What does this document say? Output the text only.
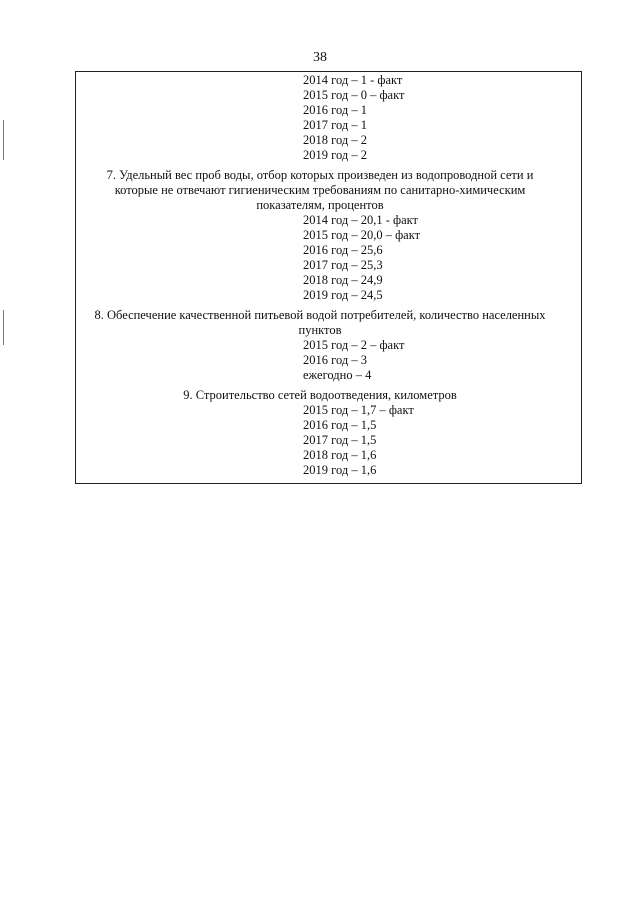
38
2014 год – 1 - факт
2015 год – 0 – факт
2016 год – 1
2017 год – 1
2018 год – 2
2019 год – 2
7. Удельный вес проб воды, отбор которых произведен из водопроводной сети и
которые не отвечают гигиеническим требованиям по санитарно-химическим
показателям, процентов
2014 год – 20,1 - факт
2015 год – 20,0 – факт
2016 год – 25,6
2017 год – 25,3
2018 год – 24,9
2019 год – 24,5
8. Обеспечение качественной питьевой водой потребителей, количество населенных
пунктов
2015 год – 2 – факт
2016 год – 3
ежегодно – 4
9. Строительство сетей водоотведения, километров
2015 год – 1,7 – факт
2016 год – 1,5
2017 год – 1,5
2018 год – 1,6
2019 год – 1,6
